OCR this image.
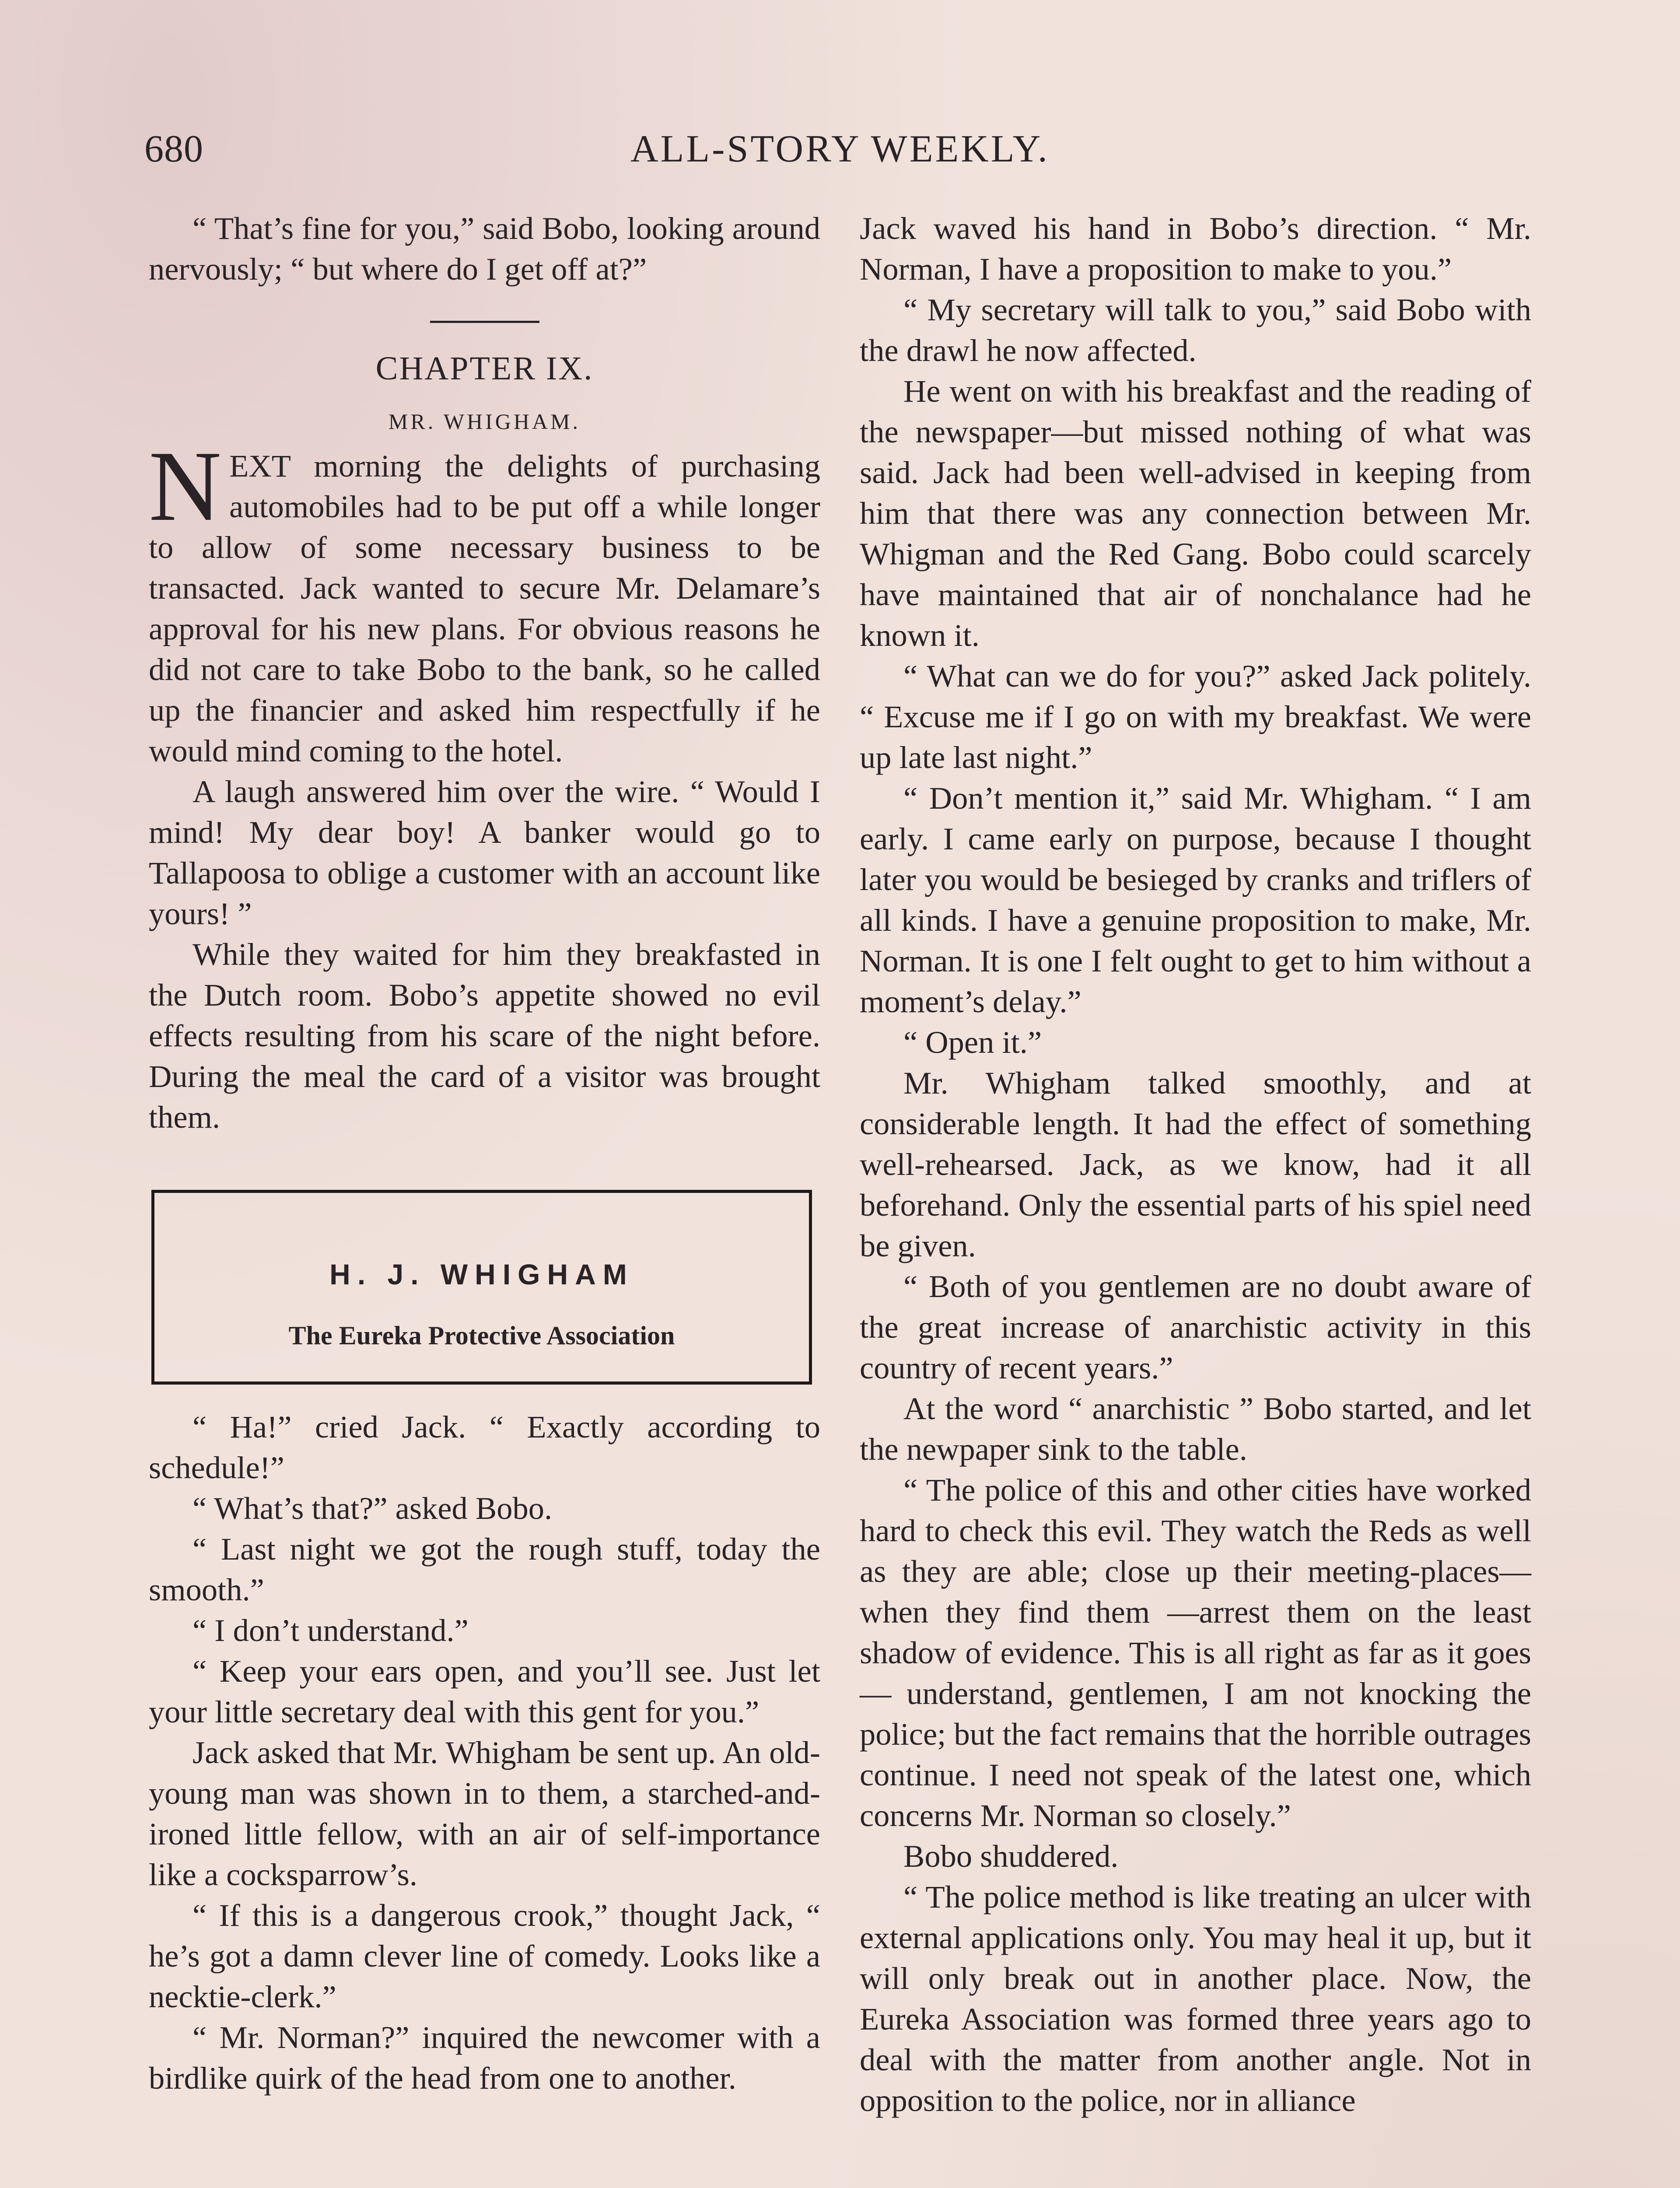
680	ALL-STORY WEEKLY.

“ That’s fine for you,” said Bobo, looking around nervously; “ but where do I get off at?”

CHAPTER IX.
MR. WHIGHAM.

NEXT morning the delights of purchasing automobiles had to be put off a while longer to allow of some necessary business to be transacted. Jack wanted to secure Mr. Delamare’s approval for his new plans. For obvious reasons he did not care to take Bobo to the bank, so he called up the financier and asked him respectfully if he would mind coming to the hotel.

A laugh answered him over the wire. “ Would I mind! My dear boy! A banker would go to Tallapoosa to oblige a customer with an account like yours! ”

While they waited for him they breakfasted in the Dutch room. Bobo’s appetite showed no evil effects resulting from his scare of the night before. During the meal the card of a visitor was brought them.

H. J. WHIGHAM
The Eureka Protective Association

“ Ha!” cried Jack. “ Exactly according to schedule!”

“ What’s that?” asked Bobo.

“ Last night we got the rough stuff, today the smooth.”

“ I don’t understand.”

“ Keep your ears open, and you’ll see. Just let your little secretary deal with this gent for you.”

Jack asked that Mr. Whigham be sent up. An old-young man was shown in to them, a starched-and-ironed little fellow, with an air of self-importance like a cocksparrow’s.

“ If this is a dangerous crook,” thought Jack, “ he’s got a damn clever line of comedy. Looks like a necktie-clerk.”

“ Mr. Norman?” inquired the newcomer with a birdlike quirk of the head from one to another.

Jack waved his hand in Bobo’s direction. “ Mr. Norman, I have a proposition to make to you.”

“ My secretary will talk to you,” said Bobo with the drawl he now affected.

He went on with his breakfast and the reading of the newspaper—but missed nothing of what was said. Jack had been well-advised in keeping from him that there was any connection between Mr. Whigman and the Red Gang. Bobo could scarcely have maintained that air of nonchalance had he known it.

“ What can we do for you?” asked Jack politely. “ Excuse me if I go on with my breakfast. We were up late last night.”

“ Don’t mention it,” said Mr. Whigham. “ I am early. I came early on purpose, because I thought later you would be besieged by cranks and triflers of all kinds. I have a genuine proposition to make, Mr. Norman. It is one I felt ought to get to him without a moment’s delay.”

“ Open it.”

Mr. Whigham talked smoothly, and at considerable length. It had the effect of something well-rehearsed. Jack, as we know, had it all beforehand. Only the essential parts of his spiel need be given.

“ Both of you gentlemen are no doubt aware of the great increase of anarchistic activity in this country of recent years.”

At the word “ anarchistic ” Bobo started, and let the newpaper sink to the table.

“ The police of this and other cities have worked hard to check this evil. They watch the Reds as well as they are able; close up their meeting-places—when they find them —arrest them on the least shadow of evidence. This is all right as far as it goes— understand, gentlemen, I am not knocking the police; but the fact remains that the horrible outrages continue. I need not speak of the latest one, which concerns Mr. Norman so closely.”

Bobo shuddered.

“ The police method is like treating an ulcer with external applications only. You may heal it up, but it will only break out in another place. Now, the Eureka Association was formed three years ago to deal with the matter from another angle. Not in opposition to the police, nor in alliance
